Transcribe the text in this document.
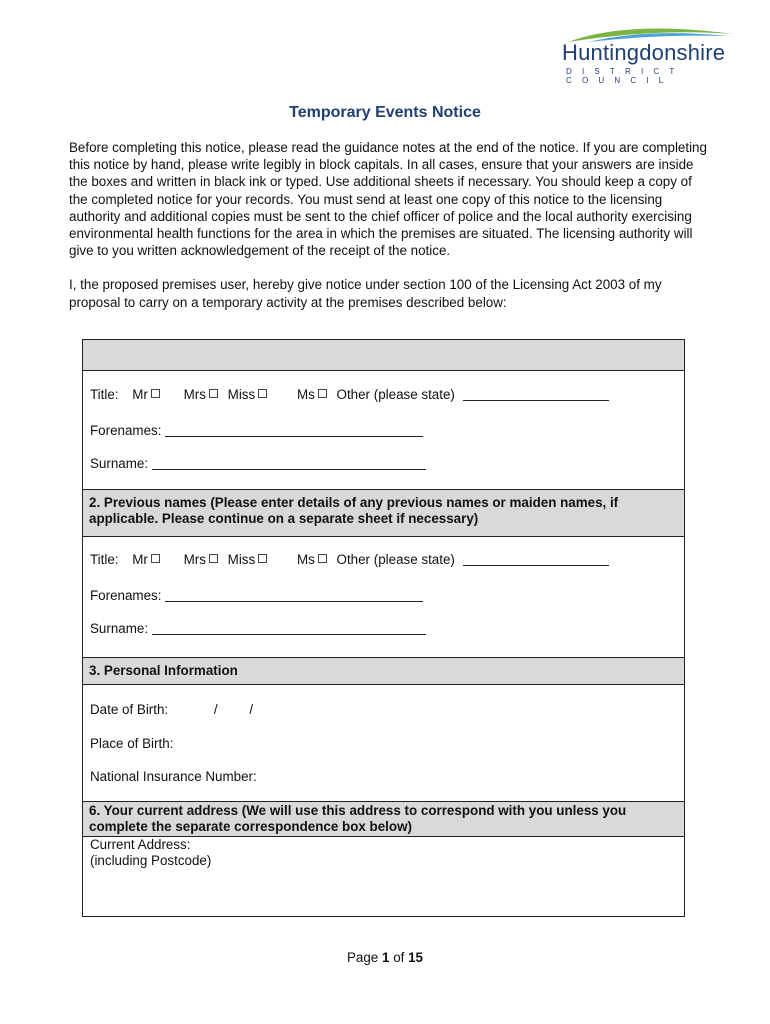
Huntingdonshire
DISTRICT COUNCIL
Temporary Events Notice

Before completing this notice, please read the guidance notes at the end of the notice. If you are completing this notice by hand, please write legibly in block capitals. In all cases, ensure that your answers are inside the boxes and written in black ink or typed. Use additional sheets if necessary. You should keep a copy of the completed notice for your records. You must send at least one copy of this notice to the licensing authority and additional copies must be sent to the chief officer of police and the local authority exercising environmental health functions for the area in which the premises are situated. The licensing authority will give to you written acknowledgement of the receipt of the notice.

I, the proposed premises user, hereby give notice under section 100 of the Licensing Act 2003 of my proposal to carry on a temporary activity at the premises described below:

Title: Mr	Mrs Miss	Ms Other (please state)
Forenames:
Surname:
2. Previous names (Please enter details of any previous names or maiden names, if applicable. Please continue on a separate sheet if necessary)
Title: Mr	Mrs Miss	Ms Other (please state)
Forenames:
Surname:
3. Personal Information
Date of Birth:	/ /
Place of Birth:
National Insurance Number:
6. Your current address (We will use this address to correspond with you unless you complete the separate correspondence box below)
Current Address:
(including Postcode)
Page 1 of 15
